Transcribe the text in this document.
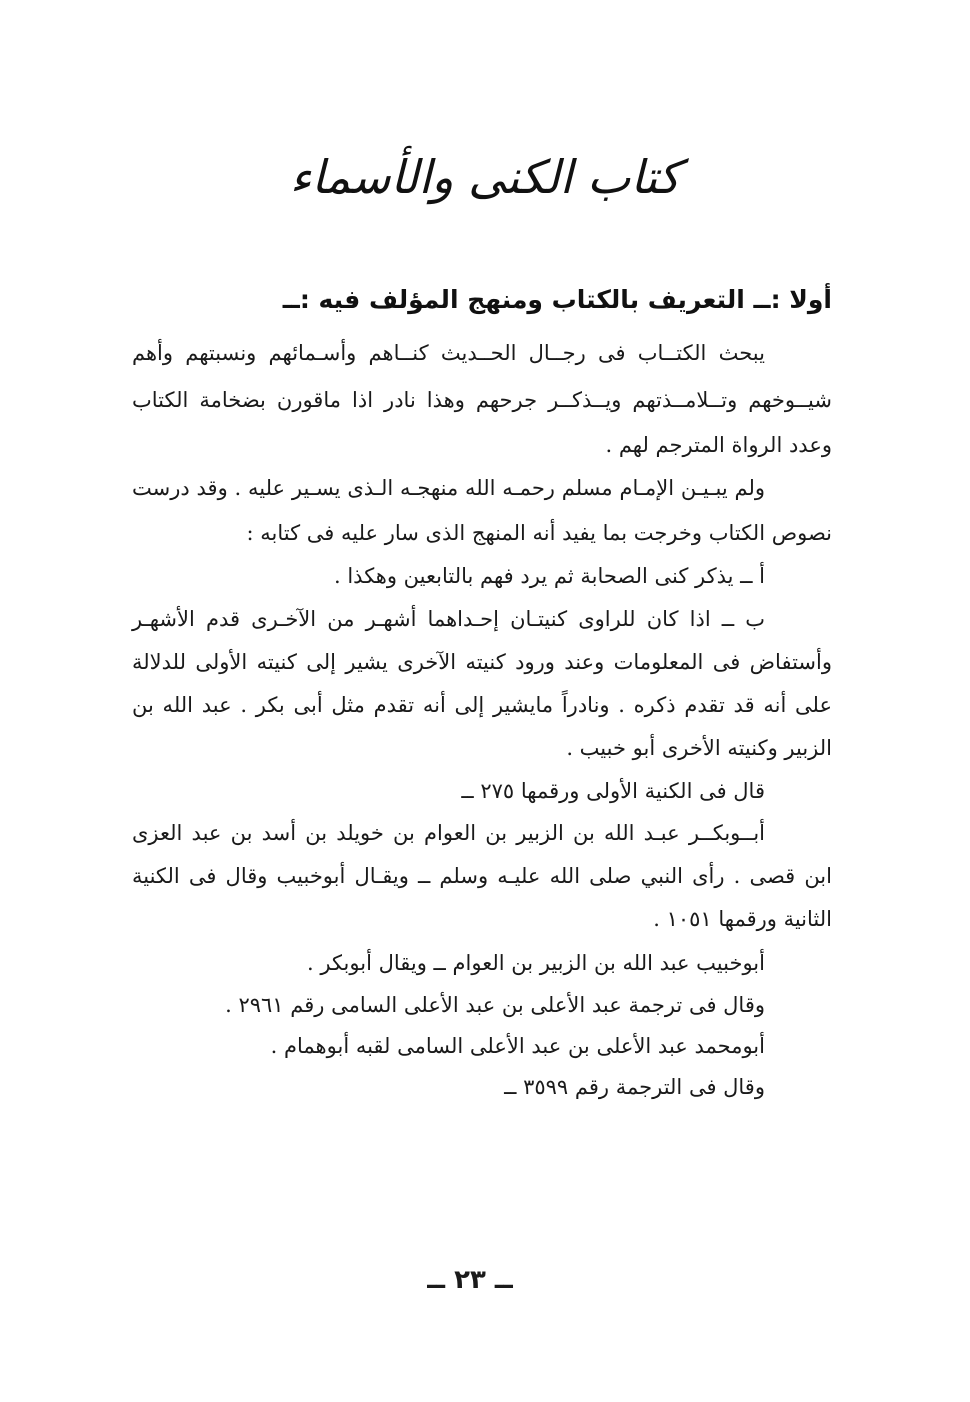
كتاب الكنى والأسماء
أولا :ــ التعريف بالكتاب ومنهج المؤلف فيه :ــ
يبحث الكتــاب فى رجــال الحــديث كنــاهم وأسـمائهم ونسبتهم وأهم
شيــوخهم وتــلامــذتهم ويــذكــر جرحهم وهذا نادر اذا ماقورن بضخامة الكتاب
وعدد الرواة المترجم لهم .
ولم يبـيـن الإمـام مسلم رحمـه الله منهجـه الـذى يسـير عليه . وقد درست
نصوص الكتاب وخرجت بما يفيد أنه المنهج الذى سار عليه فى كتابه :
أ ــ يذكر كنى الصحابة ثم يرد فهم بالتابعين وهكذا .
ب ــ اذا كان للراوى كنيتـان إحـداهما أشهـر من الآخـرى قدم الأشهـر
وأستفاض فى المعلومات وعند ورود كنيته الآخرى يشير إلى كنيته الأولى للدلالة
على أنه قد تقدم ذكره . ونادراً مايشير إلى أنه تقدم مثل أبى بكر . عبد الله بن
الزبير وكنيته الأخرى أبو خبيب .
قال فى الكنية الأولى ورقمها ٢٧٥ ــ
أبــوبكــر عبـد الله بن الزبير بن العوام بن خويلد بن أسد بن عبد العزى
ابن قصى . رأى النبي صلى الله عليـه وسلم ــ ويقـال أبوخبيب وقال فى الكنية
الثانية ورقمها ١٠٥١ .
أبوخبيب عبد الله بن الزبير بن العوام ــ ويقال أبوبكر .
وقال فى ترجمة عبد الأعلى بن عبد الأعلى السامى رقم ٢٩٦١ .
أبومحمد عبد الأعلى بن عبد الأعلى السامى لقبه أبوهمام .
وقال فى الترجمة رقم ٣٥٩٩ ــ
ــ ٢٣ ــ
